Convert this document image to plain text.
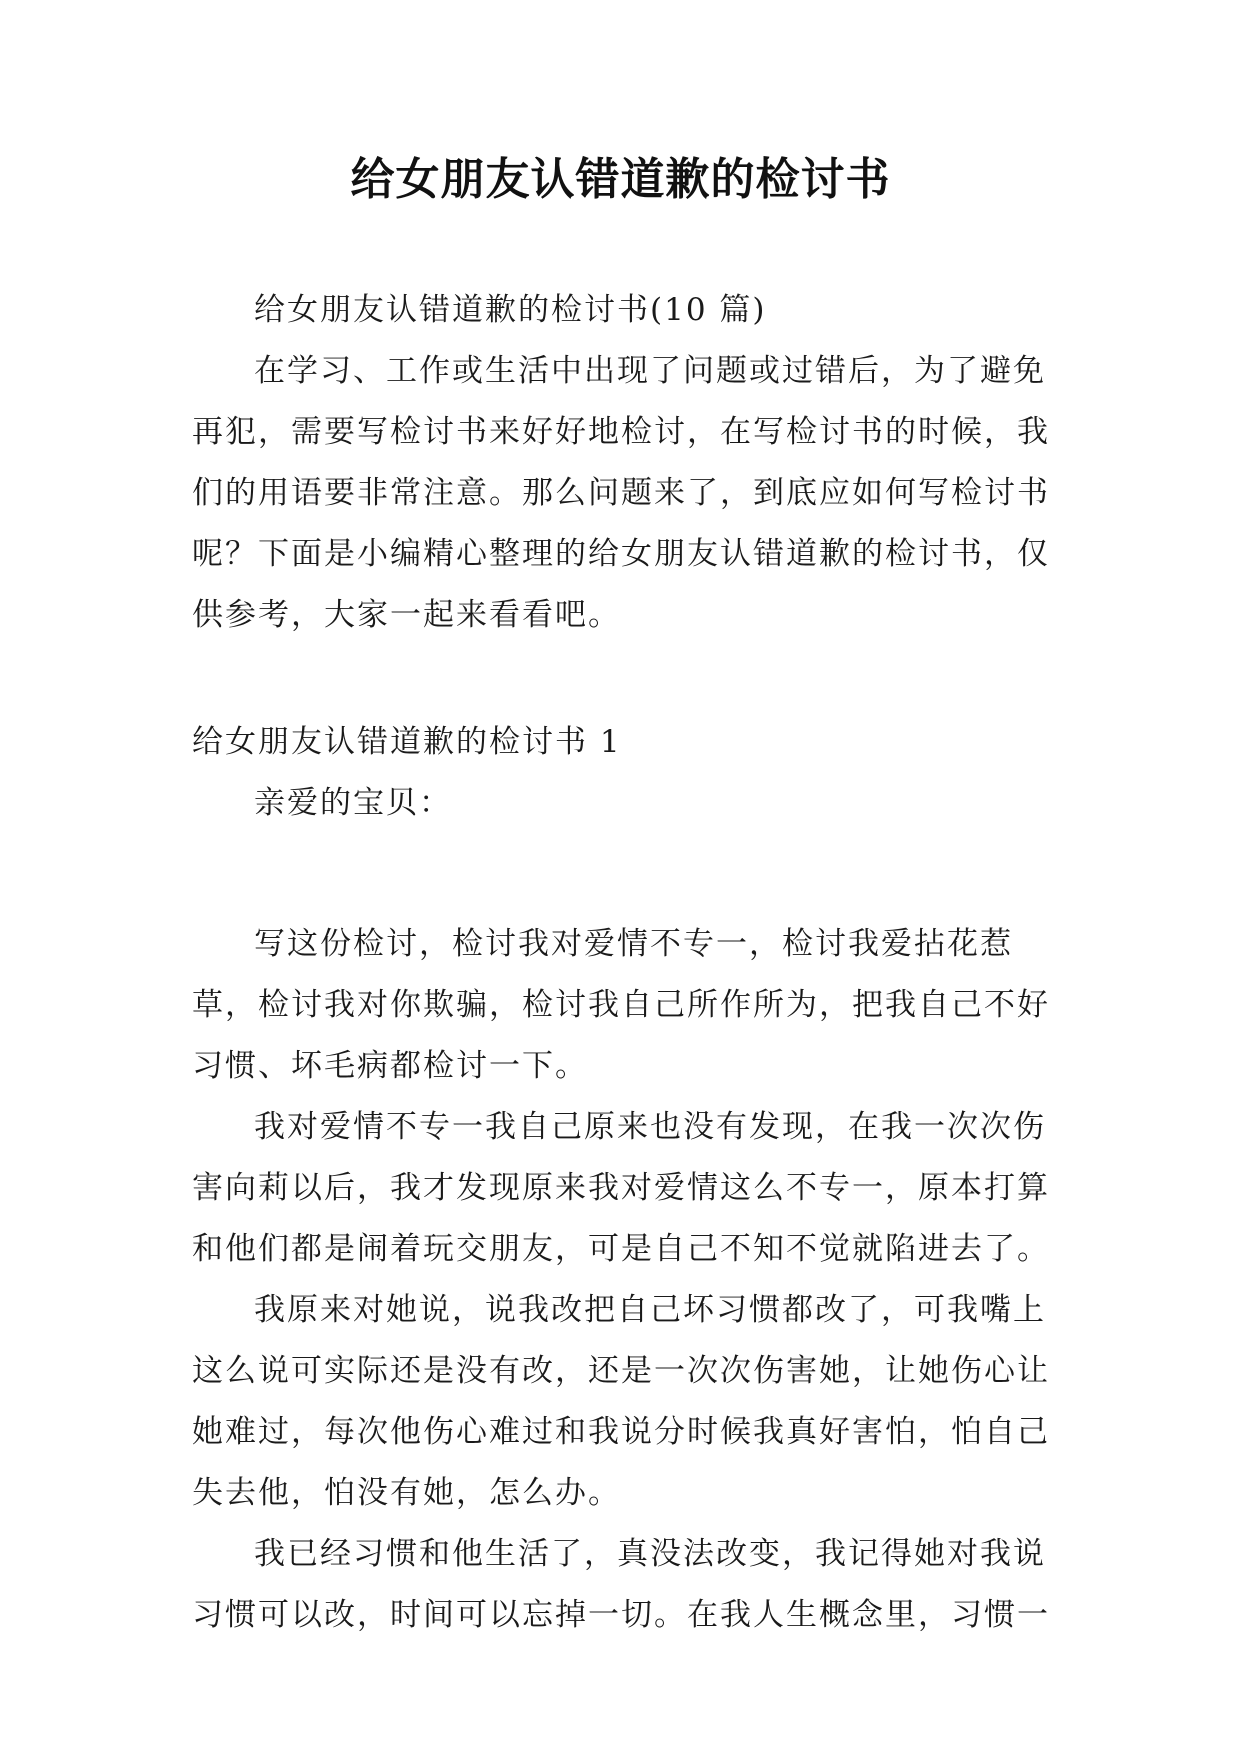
给女朋友认错道歉的检讨书

给女朋友认错道歉的检讨书(10 篇)

在学习、工作或生活中出现了问题或过错后，为了避免再犯，需要写检讨书来好好地检讨，在写检讨书的时候，我们的用语要非常注意。那么问题来了，到底应如何写检讨书呢？下面是小编精心整理的给女朋友认错道歉的检讨书，仅供参考，大家一起来看看吧。

给女朋友认错道歉的检讨书 1

亲爱的宝贝：

写这份检讨，检讨我对爱情不专一，检讨我爱拈花惹草，检讨我对你欺骗，检讨我自己所作所为，把我自己不好习惯、坏毛病都检讨一下。

我对爱情不专一我自己原来也没有发现，在我一次次伤害向莉以后，我才发现原来我对爱情这么不专一，原本打算和他们都是闹着玩交朋友，可是自己不知不觉就陷进去了。

我原来对她说，说我改把自己坏习惯都改了，可我嘴上这么说可实际还是没有改，还是一次次伤害她，让她伤心让她难过，每次他伤心难过和我说分时候我真好害怕，怕自己失去他，怕没有她，怎么办。

我已经习惯和他生活了，真没法改变，我记得她对我说习惯可以改，时间可以忘掉一切。在我人生概念里，习惯一
